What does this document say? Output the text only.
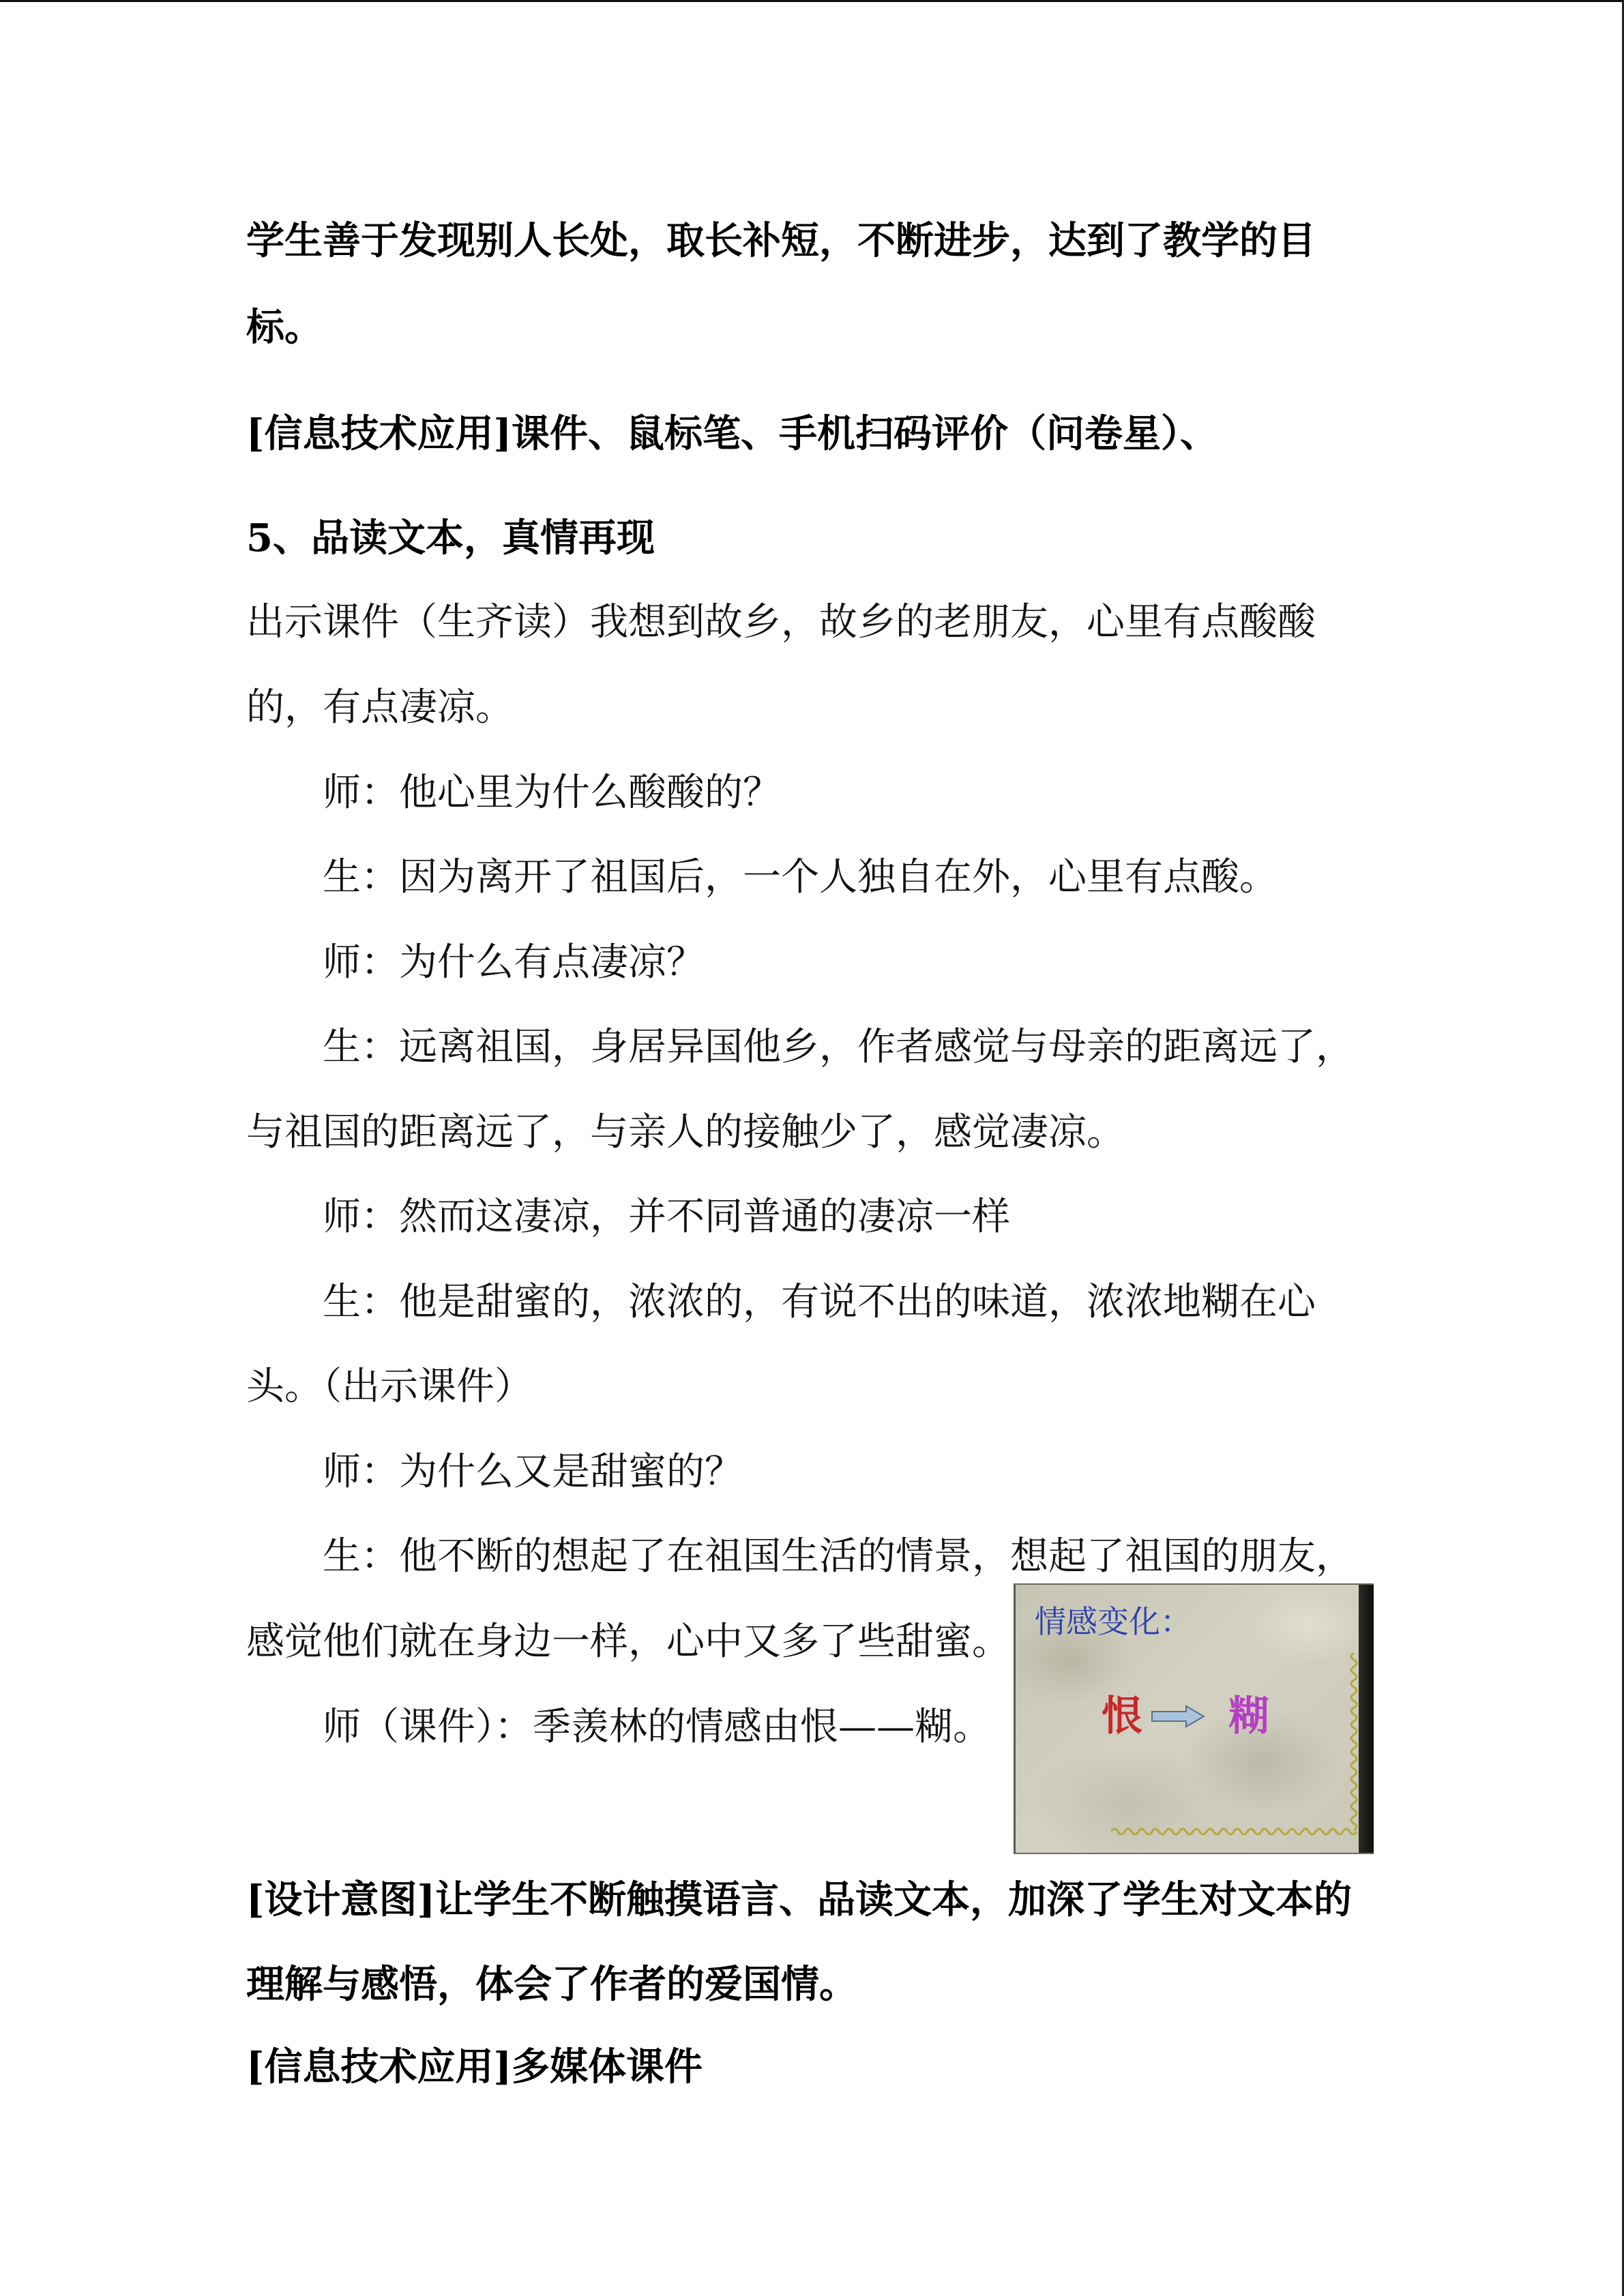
学生善于发现别人长处，取长补短，不断进步，达到了教学的目
标。
[信息技术应用]课件、鼠标笔、手机扫码评价（问卷星）、
5、品读文本，真情再现
出示课件（生齐读）我想到故乡，故乡的老朋友，心里有点酸酸
的，有点凄凉。
师：他心里为什么酸酸的？
生：因为离开了祖国后，一个人独自在外，心里有点酸。
师：为什么有点凄凉？
生：远离祖国，身居异国他乡，作者感觉与母亲的距离远了，
与祖国的距离远了，与亲人的接触少了，感觉凄凉。
师：然而这凄凉，并不同普通的凄凉一样
生：他是甜蜜的，浓浓的，有说不出的味道，浓浓地糊在心
头。（出示课件）
师：为什么又是甜蜜的？
生：他不断的想起了在祖国生活的情景，想起了祖国的朋友，
感觉他们就在身边一样，心中又多了些甜蜜。
师（课件）：季羡林的情感由恨——糊。
情感变化：
恨 糊
[设计意图]让学生不断触摸语言、品读文本，加深了学生对文本的
理解与感悟，体会了作者的爱国情。
[信息技术应用]多媒体课件
